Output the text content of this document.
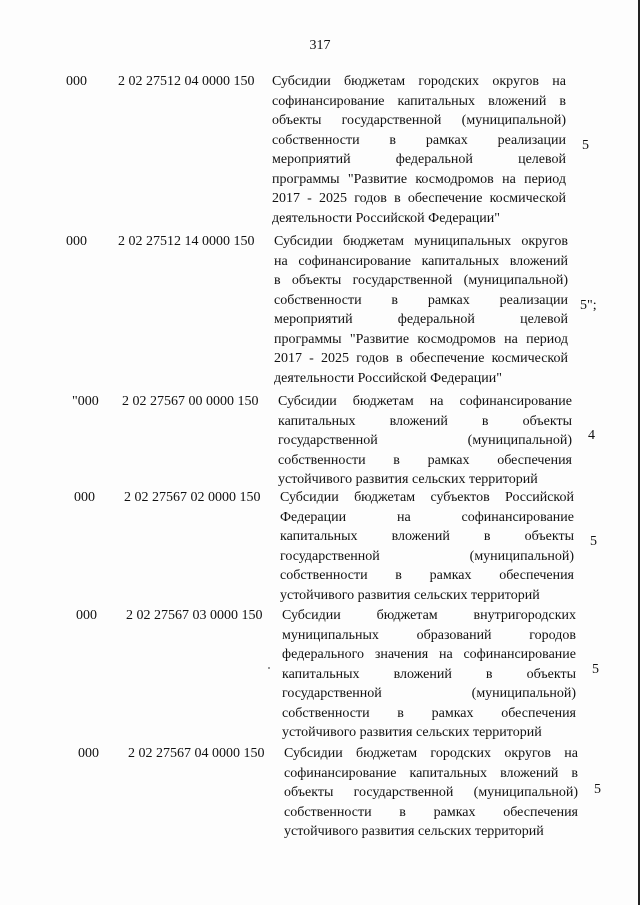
317
000 2 02 27512 04 0000 150 Субсидии бюджетам городских округов на
софинансирование капитальных вложений в
объекты государственной (муниципальной)
собственности в рамках реализации
мероприятий федеральной целевой
программы "Развитие космодромов на период
2017 - 2025 годов в обеспечение космической
деятельности Российской Федерации"
5
000 2 02 27512 14 0000 150 Субсидии бюджетам муниципальных округов
на софинансирование капитальных вложений
в объекты государственной (муниципальной)
собственности в рамках реализации
мероприятий федеральной целевой
программы "Развитие космодромов на период
2017 - 2025 годов в обеспечение космической
деятельности Российской Федерации"
5";
"000 2 02 27567 00 0000 150 Субсидии бюджетам на софинансирование
капитальных вложений в объекты
государственной (муниципальной)
собственности в рамках обеспечения
устойчивого развития сельских территорий
4
000 2 02 27567 02 0000 150 Субсидии бюджетам субъектов Российской
Федерации на софинансирование
капитальных вложений в объекты
государственной (муниципальной)
собственности в рамках обеспечения
устойчивого развития сельских территорий
5
000 2 02 27567 03 0000 150 Субсидии бюджетам внутригородских
муниципальных образований городов
федерального значения на софинансирование
капитальных вложений в объекты
государственной (муниципальной)
собственности в рамках обеспечения
устойчивого развития сельских территорий
5
000 2 02 27567 04 0000 150 Субсидии бюджетам городских округов на
софинансирование капитальных вложений в
объекты государственной (муниципальной)
собственности в рамках обеспечения
устойчивого развития сельских территорий
5
